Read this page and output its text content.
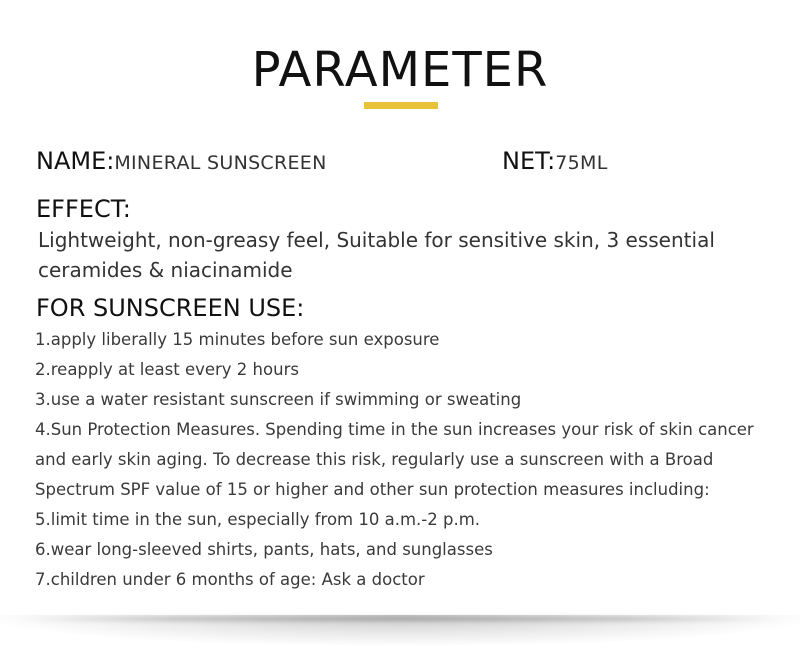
PARAMETER
NAME:MINERAL SUNSCREEN	NET:75ML
EFFECT:
Lightweight, non-greasy feel, Suitable for sensitive skin, 3 essential ceramides & niacinamide
FOR SUNSCREEN USE:
1.apply liberally 15 minutes before sun exposure
2.reapply at least every 2 hours
3.use a water resistant sunscreen if swimming or sweating
4.Sun Protection Measures. Spending time in the sun increases your risk of skin cancer and early skin aging. To decrease this risk, regularly use a sunscreen with a Broad Spectrum SPF value of 15 or higher and other sun protection measures including:
5.limit time in the sun, especially from 10 a.m.-2 p.m.
6.wear long-sleeved shirts, pants, hats, and sunglasses
7.children under 6 months of age: Ask a doctor
